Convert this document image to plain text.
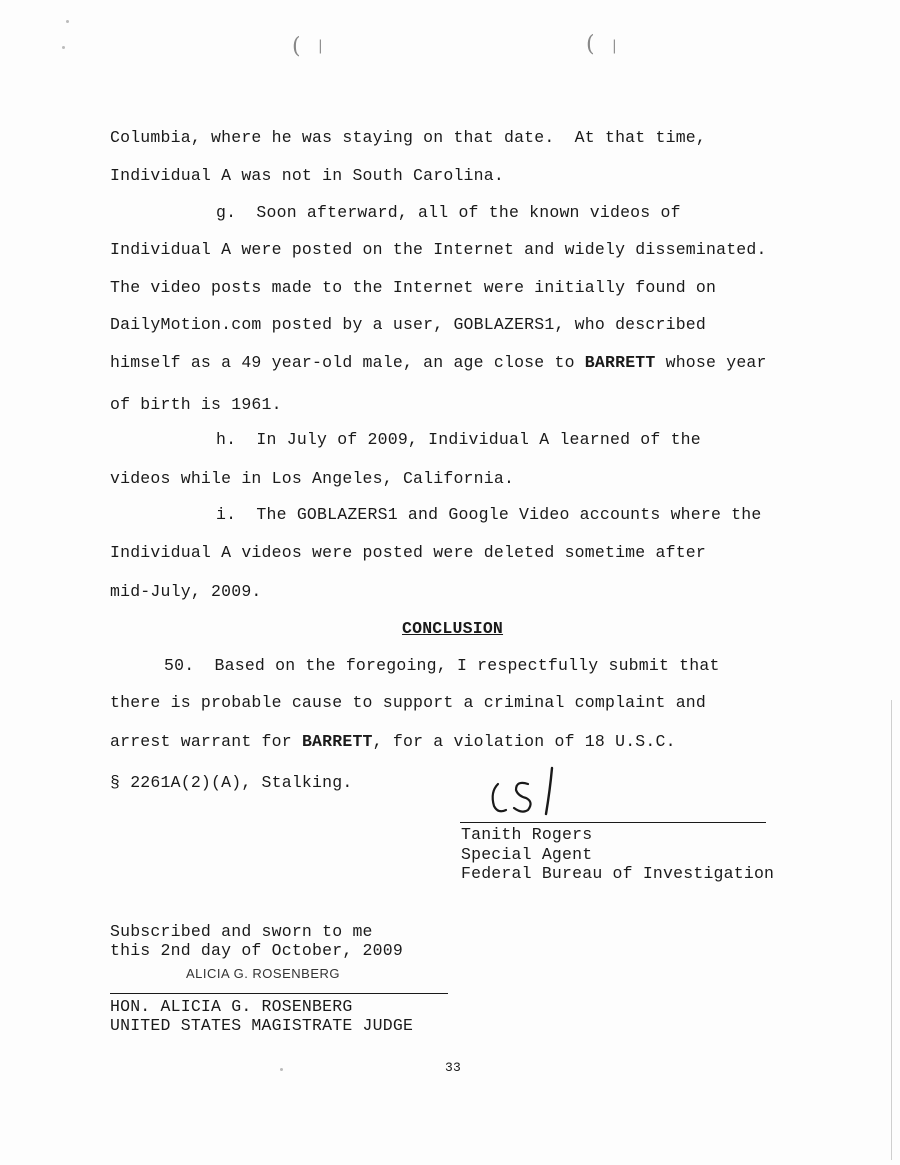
( |	( |
Columbia, where he was staying on that date.  At that time,
Individual A was not in South Carolina.
g.  Soon afterward, all of the known videos of
Individual A were posted on the Internet and widely disseminated.
The video posts made to the Internet were initially found on
DailyMotion.com posted by a user, GOBLAZERS1, who described
himself as a 49 year-old male, an age close to BARRETT whose year
of birth is 1961.
h.  In July of 2009, Individual A learned of the
videos while in Los Angeles, California.
i.  The GOBLAZERS1 and Google Video accounts where the
Individual A videos were posted were deleted sometime after
mid-July, 2009.
CONCLUSION
50.  Based on the foregoing, I respectfully submit that
there is probable cause to support a criminal complaint and
arrest warrant for BARRETT, for a violation of 18 U.S.C.
§ 2261A(2)(A), Stalking.
Tanith Rogers
Special Agent
Federal Bureau of Investigation
Subscribed and sworn to me
this 2nd day of October, 2009
ALICIA G. ROSENBERG
HON. ALICIA G. ROSENBERG
UNITED STATES MAGISTRATE JUDGE
33
